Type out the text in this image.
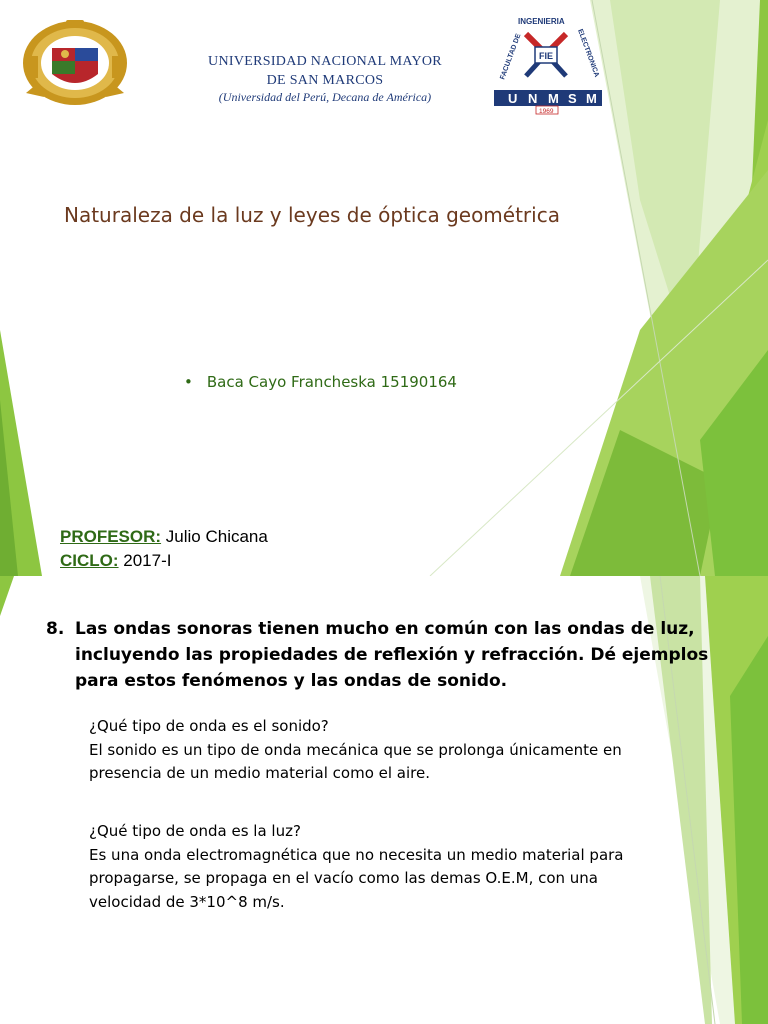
UNIVERSIDAD NACIONAL MAYOR
DE SAN MARCOS
(Universidad del Perú, Decana de América)	U N M S M
INGENIERIA
FACULTAD DE	ELECTRONICA
FIE
1969
Naturaleza de la luz y leyes de óptica geométrica
• Baca Cayo Francheska 15190164
PROFESOR: Julio Chicana
CICLO: 2017-I
8. Las ondas sonoras tienen mucho en común con las ondas de luz,
incluyendo las propiedades de reflexión y refracción. Dé ejemplos
para estos fenómenos y las ondas de sonido.
¿Qué tipo de onda es el sonido?
El sonido es un tipo de onda mecánica que se prolonga únicamente en
presencia de un medio material como el aire.
¿Qué tipo de onda es la luz?
Es una onda electromagnética que no necesita un medio material para
propagarse, se propaga en el vacío como las demas O.E.M, con una
velocidad de 3*10^8 m/s.
